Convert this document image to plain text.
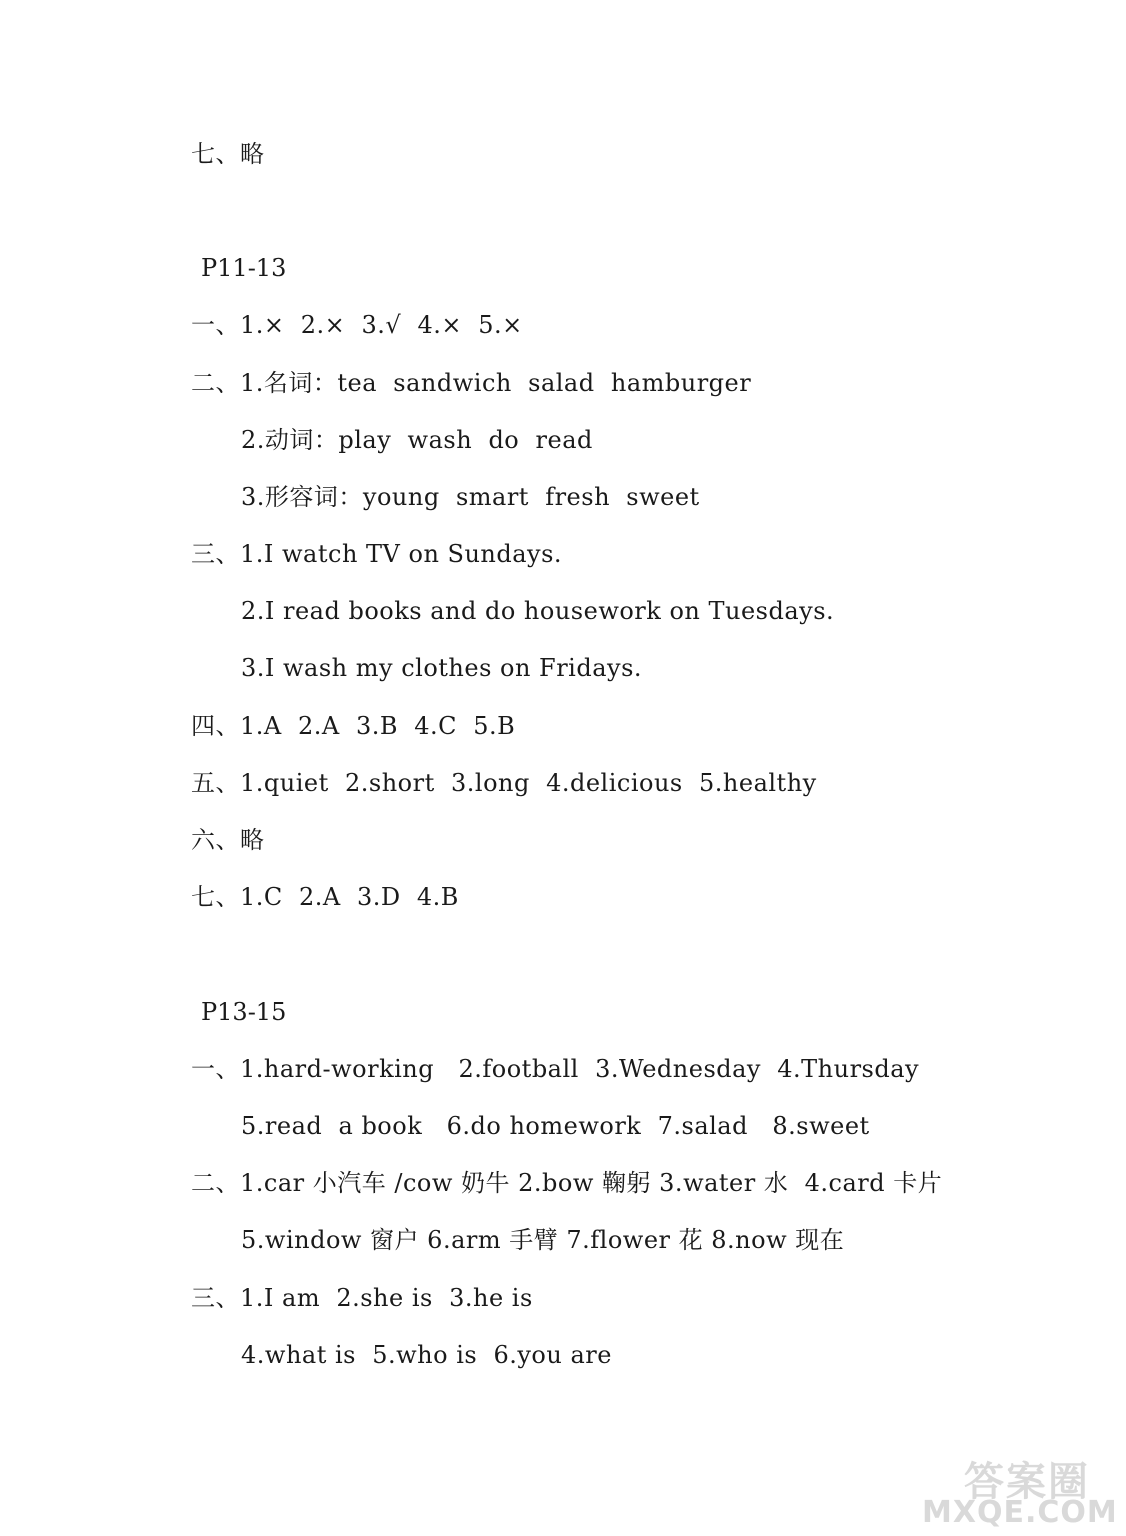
七、略
P11-13
一、1.×  2.×  3.√  4.×  5.×
二、1.名词：tea  sandwich  salad  hamburger
2.动词：play  wash  do  read
3.形容词：young  smart  fresh  sweet
三、1.I watch TV on Sundays.
2.I read books and do housework on Tuesdays.
3.I wash my clothes on Fridays.
四、1.A  2.A  3.B  4.C  5.B
五、1.quiet  2.short  3.long  4.delicious  5.healthy
六、略
七、1.C  2.A  3.D  4.B
P13-15
一、1.hard-working   2.football  3.Wednesday  4.Thursday
5.read  a book   6.do homework  7.salad   8.sweet
二、1.car 小汽车 /cow 奶牛 2.bow 鞠躬 3.water 水  4.card 卡片
5.window 窗户 6.arm 手臂 7.flower 花 8.now 现在
三、1.I am  2.she is  3.he is
4.what is  5.who is  6.you are
答案圈
MXQE.COM
